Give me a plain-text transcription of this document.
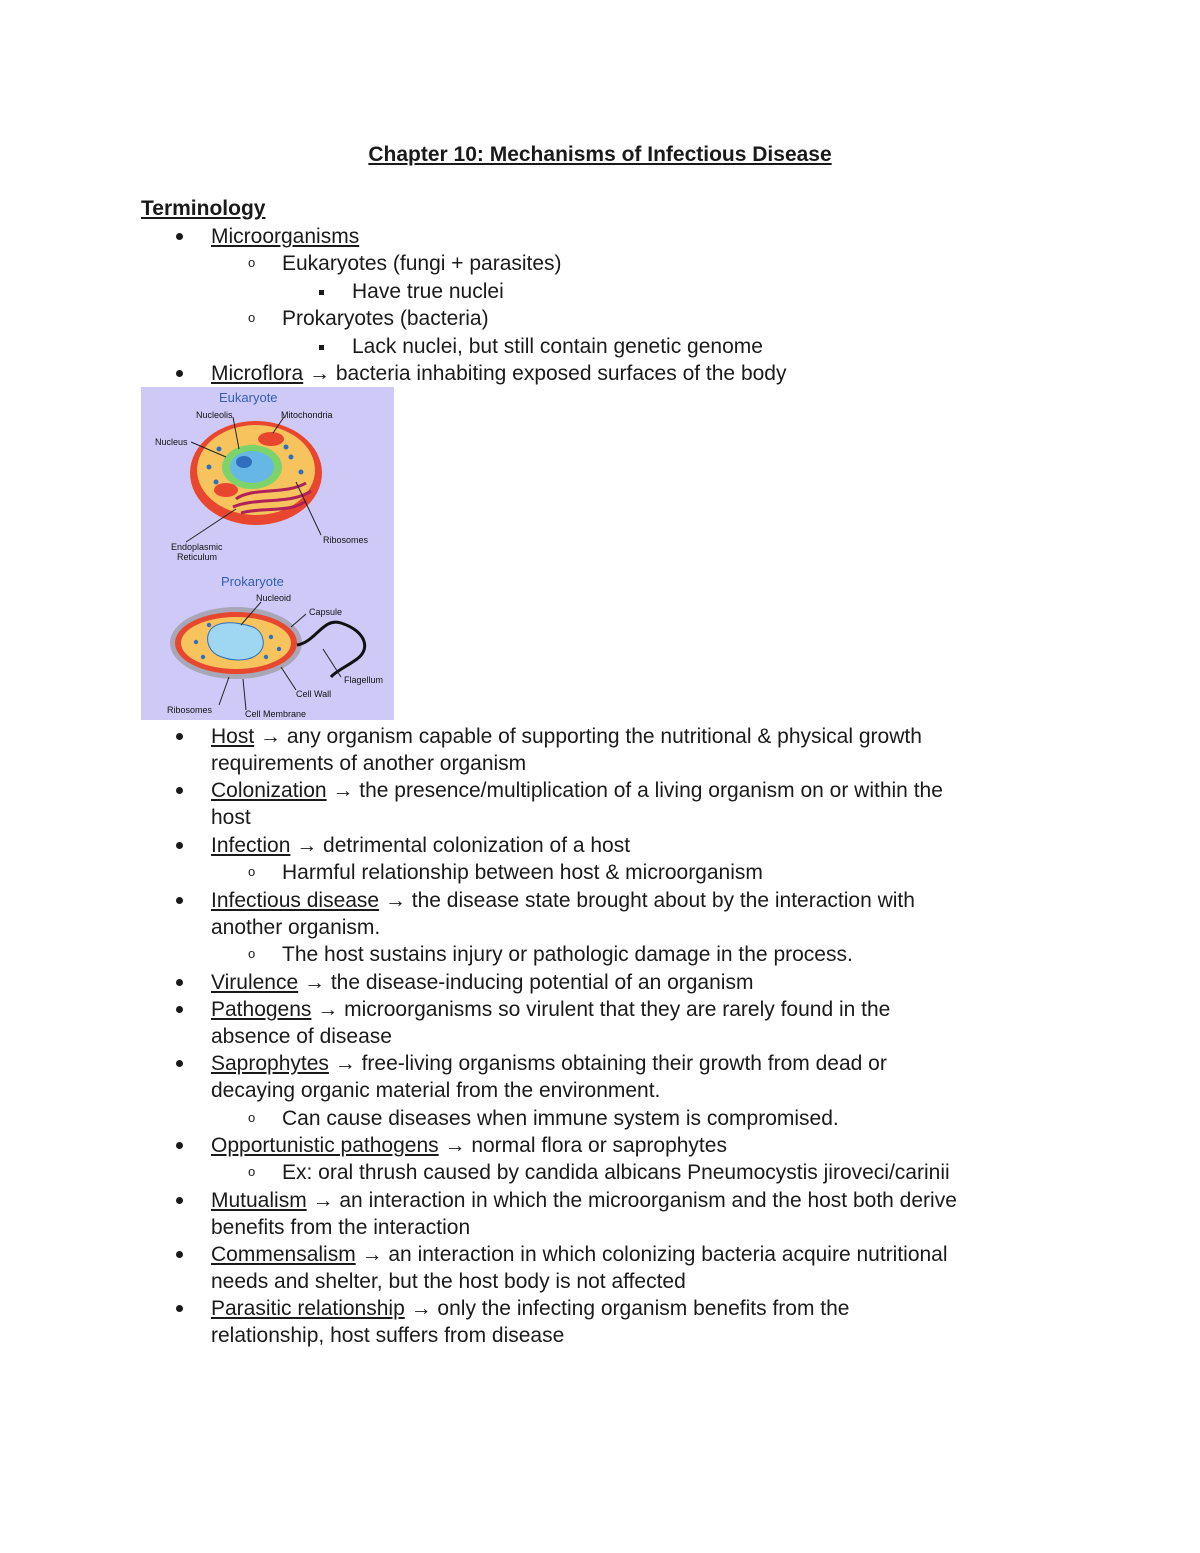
Chapter 10: Mechanisms of Infectious Disease
Terminology
Microorganisms
o Eukaryotes (fungi + parasites)
Have true nuclei
o Prokaryotes (bacteria)
Lack nuclei, but still contain genetic genome
Microflora → bacteria inhabiting exposed surfaces of the body
Eukaryote
Nucleolis	Mitochondria
Nucleus
Ribosomes
Endoplasmic
Reticulum
Prokaryote
Nucleoid
Capsule
Flagellum
Cell Wall
Ribosomes	Cell Membrane
Host → any organism capable of supporting the nutritional & physical growth
requirements of another organism
Colonization → the presence/multiplication of a living organism on or within the
host
Infection → detrimental colonization of a host
o Harmful relationship between host & microorganism
Infectious disease → the disease state brought about by the interaction with
another organism.
o The host sustains injury or pathologic damage in the process.
Virulence → the disease-inducing potential of an organism
Pathogens → microorganisms so virulent that they are rarely found in the
absence of disease
Saprophytes → free-living organisms obtaining their growth from dead or
decaying organic material from the environment.
o Can cause diseases when immune system is compromised.
Opportunistic pathogens → normal flora or saprophytes
o Ex: oral thrush caused by candida albicans Pneumocystis jiroveci/carinii
Mutualism → an interaction in which the microorganism and the host both derive
benefits from the interaction
Commensalism → an interaction in which colonizing bacteria acquire nutritional
needs and shelter, but the host body is not affected
Parasitic relationship → only the infecting organism benefits from the
relationship, host suffers from disease
